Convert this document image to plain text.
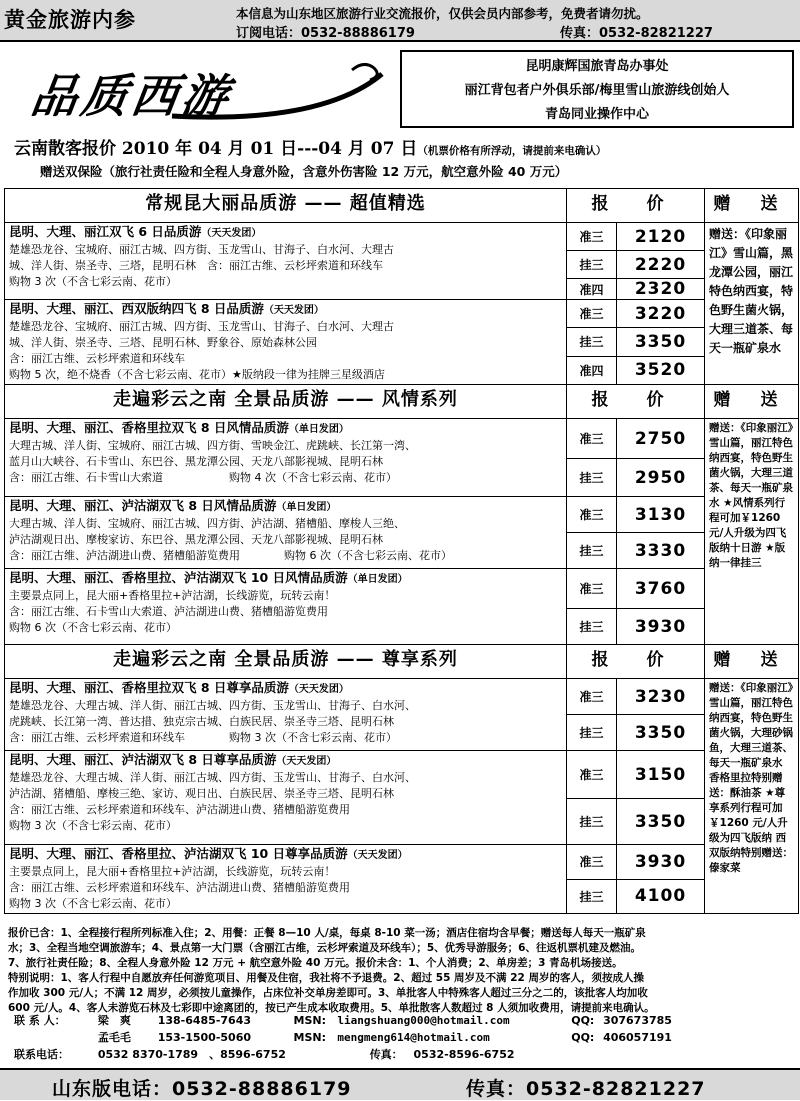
黄金旅游内参	本信息为山东地区旅游行业交流报价，仅供会员内部参考，免费者请勿扰。
订阅电话：0532-88886179	传真：0532-82821227
品质西游
昆明康辉国旅青岛办事处
丽江背包者户外俱乐部/梅里雪山旅游线创始人
青岛同业操作中心
云南散客报价 2010 年 04 月 01 日---04 月 07 日（机票价格有所浮动，请提前来电确认）
赠送双保险（旅行社责任险和全程人身意外险，含意外伤害险 12 万元，航空意外险 40 万元）
常规昆大丽品质游 —— 超值精选	报 价		赠 送

昆明、大理、丽江双飞 6 日品质游（天天发团）
楚雄恐龙谷、宝城府、丽江古城、四方街、玉龙雪山、甘海子、白水河、大理古
城、洋人街、崇圣寺、三塔，昆明石林　含：丽江古维、云杉坪索道和环线车
购物 3 次（不含七彩云南、花市）	准三	2120	赠送：《印象丽江》雪山篇，黑龙潭公园，丽江特色纳西宴，特色野生菌火锅，大理三道茶、每天一瓶矿泉水
	挂三	2220	
	准四	2320	

昆明、大理、丽江、西双版纳四飞 8 日品质游（天天发团）
楚雄恐龙谷、宝城府、丽江古城、四方街、玉龙雪山、甘海子、白水河、大理古
城、洋人街、崇圣寺、三塔、昆明石林、野象谷、原始森林公园
含：丽江古维、云杉坪索道和环线车
购物 5 次，绝不烧香（不含七彩云南、花市）★版纳段一律为挂牌三星级酒店	准三	3220	
	挂三	3350	
	准四	3520	
走遍彩云之南 全景品质游 —— 风情系列	报 价		赠 送

昆明、大理、丽江、香格里拉双飞 8 日风情品质游（单日发团）
大理古城、洋人街、宝城府、丽江古城、四方街、雪映金江、虎跳峡、长江第一湾、
蓝月山大峡谷、石卡雪山、东巴谷、黑龙潭公园、天龙八部影视城、昆明石林
含：丽江古维、石卡雪山大索道　　　　　　购物 4 次（不含七彩云南、花市）	准三	2750	赠送：《印象丽江》雪山篇，丽江特色纳西宴，特色野生菌火锅，大理三道茶、每天一瓶矿泉水 ★风情系列行程可加￥1260 元/人升级为四飞版纳十日游 ★版纳一律挂三
	挂三	2950	

昆明、大理、丽江、泸沽湖双飞 8 日风情品质游（单日发团）
大理古城、洋人街、宝城府、丽江古城、四方街、泸沽湖、猪槽船、摩梭人三绝、
泸沽湖观日出、摩梭家访、东巴谷、黑龙潭公园、天龙八部影视城、昆明石林
含：丽江古维、泸沽湖进山费、猪槽船游览费用　　　　购物 6 次（不含七彩云南、花市）	准三	3130	
	挂三	3330	

昆明、大理、丽江、香格里拉、泸沽湖双飞 10 日风情品质游（单日发团）
主要景点同上，昆大丽+香格里拉+泸沽湖，长线游览，玩转云南！
含：丽江古维、石卡雪山大索道、泸沽湖进山费、猪槽船游览费用
购物 6 次（不含七彩云南、花市）	准三	3760	
	挂三	3930	
走遍彩云之南 全景品质游 —— 尊享系列	报 价		赠 送

昆明、大理、丽江、香格里拉双飞 8 日尊享品质游（天天发团）
楚雄恐龙谷、大理古城、洋人街、丽江古城、四方街、玉龙雪山、甘海子、白水河、
虎跳峡、长江第一湾、普达措、独克宗古城、白族民居、崇圣寺三塔、昆明石林
含：丽江古维、云杉坪索道和环线车　　　　购物 3 次（不含七彩云南、花市）	准三	3230	赠送：《印象丽江》雪山篇，丽江特色纳西宴，特色野生菌火锅，大理砂锅鱼，大理三道茶、每天一瓶矿泉水 香格里拉特别赠送：酥油茶 ★尊享系列行程可加￥1260 元/人升级为四飞版纳 西双版纳特别赠送：傣家菜
	挂三	3350	

昆明、大理、丽江、泸沽湖双飞 8 日尊享品质游（天天发团）
楚雄恐龙谷、大理古城、洋人街、丽江古城、四方街、玉龙雪山、甘海子、白水河、
泸沽湖、猪槽船、摩梭三绝、家访、观日出、白族民居、崇圣寺三塔、昆明石林
含：丽江古维、云杉坪索道和环线车、泸沽湖进山费、猪槽船游览费用
购物 3 次（不含七彩云南、花市）	准三	3150	
	挂三	3350	

昆明、大理、丽江、香格里拉、泸沽湖双飞 10 日尊享品质游（天天发团）
主要景点同上，昆大丽+香格里拉+泸沽湖，长线游览，玩转云南！
含：丽江古维、云杉坪索道和环线车、泸沽湖进山费、猪槽船游览费用
购物 3 次（不含七彩云南、花市）	准三	3930	
	挂三	4100	
报价已含：1、全程接行程所列标准入住；2、用餐：正餐 8—10 人/桌，每桌 8-10 菜一汤；酒店住宿均含早餐；赠送每人每天一瓶矿泉
水；3、全程当地空调旅游车；4、景点第一大门票（含丽江古维，云杉坪索道及环线车）；5、优秀导游服务；6、往返机票机建及燃油。
7、旅行社责任险；8、全程人身意外险 12 万元 + 航空意外险 40 万元。报价未含：1、个人消费；2、单房差；3 青岛机场接送。
特别说明：1、客人行程中自愿放弃任何游览项目、用餐及住宿，我社将不予退费。2、超过 55 周岁及不满 22 周岁的客人，须按成人操
作加收 300 元/人；不满 12 周岁，必须按儿童操作，占床位补交单房差即可。3、单批客人中特殊客人超过三分之二的，该批客人均加收
600 元/人。4、客人未游览石林及七彩即中途离团的，按已产生成本收取费用。5、单批散客人数超过 8 人须加收费用，请提前来电确认。
联 系 人：	梁　爽 138-6485-7643	MSN: liangshuang000@hotmail.com	QQ: 307673785
孟毛毛 153-1500-5060	MSN: mengmeng614@hotmail.com	QQ: 406057191
联系电话：	0532 8370-1789　、8596-6752	传真： 0532-8596-6752
山东版电话：0532-88886179	传真：0532-82821227
